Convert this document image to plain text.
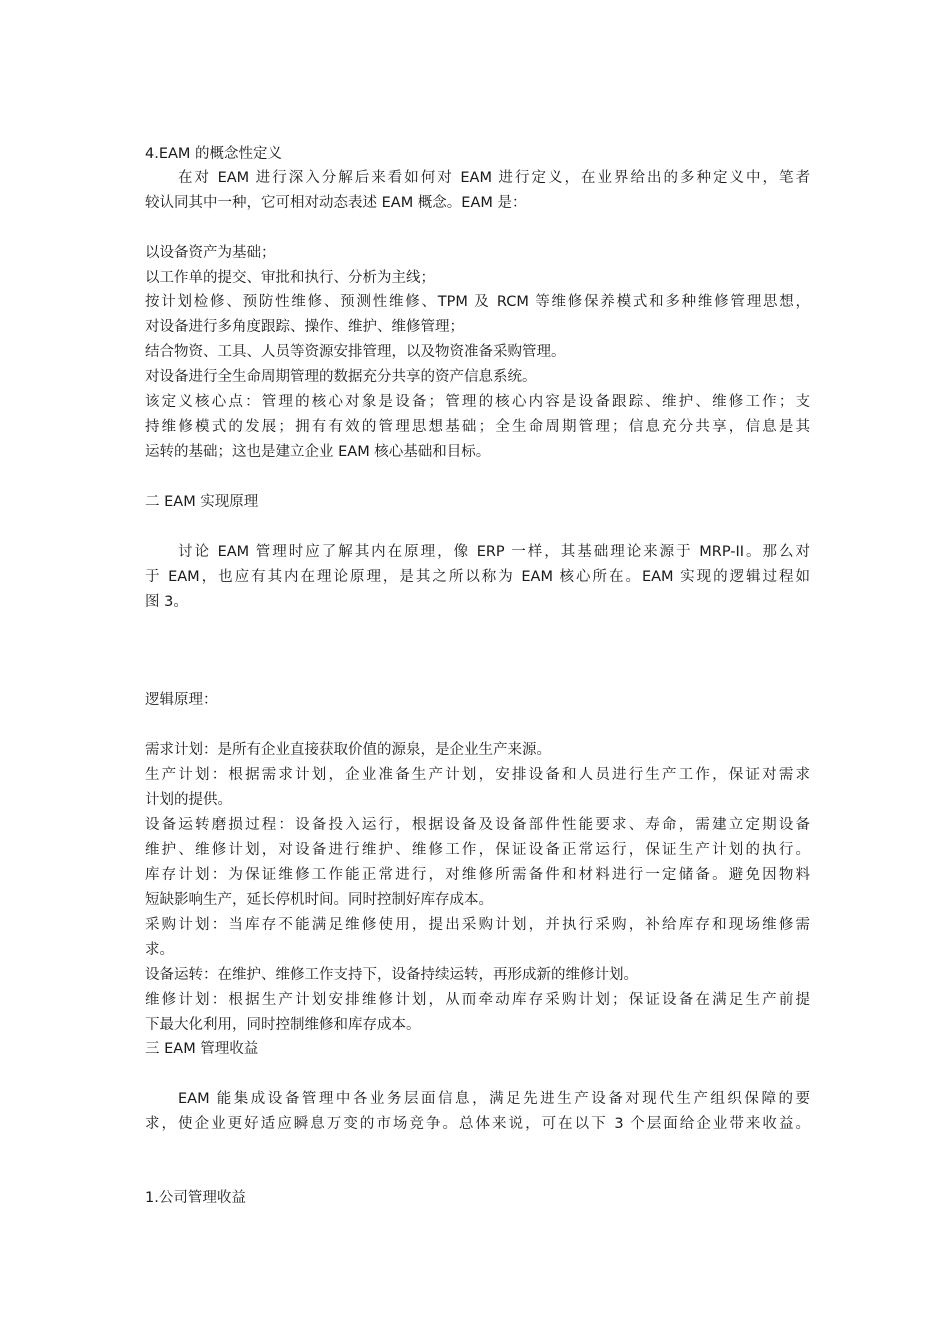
4.EAM 的概念性定义
在对 EAM 进行深入分解后来看如何对 EAM 进行定义，在业界给出的多种定义中，笔者
较认同其中一种，它可相对动态表述 EAM 概念。EAM 是：
以设备资产为基础；
以工作单的提交、审批和执行、分析为主线；
按计划检修、预防性维修、预测性维修、TPM 及 RCM 等维修保养模式和多种维修管理思想，
对设备进行多角度跟踪、操作、维护、维修管理；
结合物资、工具、人员等资源安排管理，以及物资准备采购管理。
对设备进行全生命周期管理的数据充分共享的资产信息系统。
该定义核心点：管理的核心对象是设备；管理的核心内容是设备跟踪、维护、维修工作；支
持维修模式的发展；拥有有效的管理思想基础；全生命周期管理；信息充分共享，信息是其
运转的基础；这也是建立企业 EAM 核心基础和目标。
二 EAM 实现原理
讨论 EAM 管理时应了解其内在原理，像 ERP 一样，其基础理论来源于 MRP-II。那么对
于 EAM，也应有其内在理论原理，是其之所以称为 EAM 核心所在。EAM 实现的逻辑过程如
图 3。
逻辑原理：
需求计划：是所有企业直接获取价值的源泉，是企业生产来源。
生产计划：根据需求计划，企业准备生产计划，安排设备和人员进行生产工作，保证对需求
计划的提供。
设备运转磨损过程：设备投入运行，根据设备及设备部件性能要求、寿命，需建立定期设备
维护、维修计划，对设备进行维护、维修工作，保证设备正常运行，保证生产计划的执行。
库存计划：为保证维修工作能正常进行，对维修所需备件和材料进行一定储备。避免因物料
短缺影响生产，延长停机时间。同时控制好库存成本。
采购计划：当库存不能满足维修使用，提出采购计划，并执行采购，补给库存和现场维修需
求。
设备运转：在维护、维修工作支持下，设备持续运转，再形成新的维修计划。
维修计划：根据生产计划安排维修计划，从而牵动库存采购计划；保证设备在满足生产前提
下最大化利用，同时控制维修和库存成本。
三 EAM 管理收益
EAM 能集成设备管理中各业务层面信息，满足先进生产设备对现代生产组织保障的要
求，使企业更好适应瞬息万变的市场竞争。总体来说，可在以下 3 个层面给企业带来收益。
1.公司管理收益
